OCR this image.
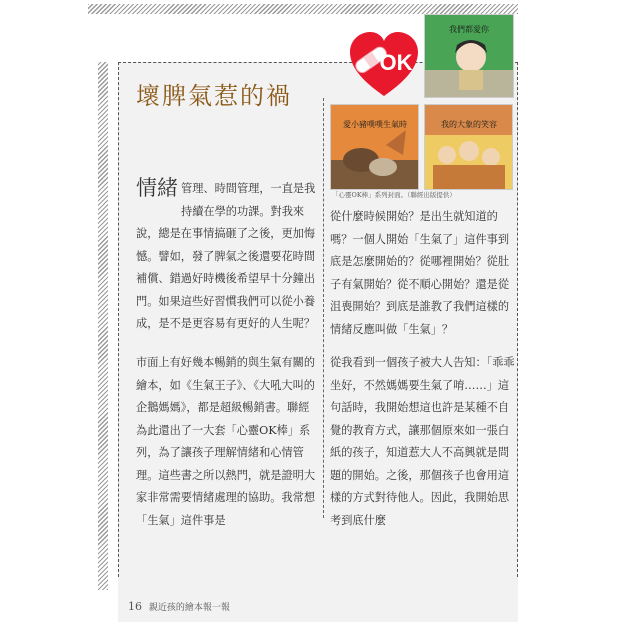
壞脾氣惹的禍
我們都愛你
OK
愛小豬噗噗生氣時	我的大象的笑容
「心靈OK棒」系列封面。（聯經出版提供）
情緒 管理、時間管理，一直是我持續在學的功課。對我來說，總是在事情搞砸了之後，更加悔憾。譬如，發了脾氣之後還要花時間補償、錯過好時機後希望早十分鐘出門。如果這些好習慣我們可以從小養成，是不是更容易有更好的人生呢？
市面上有好幾本暢銷的與生氣有關的繪本，如《生氣王子》、《大吼大叫的企鵝媽媽》，都是超級暢銷書。聯經為此還出了一大套「心靈OK棒」系列，為了讓孩子理解情緒和心情管理。這些書之所以熱門，就是證明大家非常需要情緒處理的協助。我常想「生氣」這件事是
從什麼時候開始？是出生就知道的嗎？一個人開始「生氣了」這件事到底是怎麼開始的？從哪裡開始？從肚子有氣開始？從不順心開始？還是從沮喪開始？到底是誰教了我們這樣的情緒反應叫做「生氣」？
從我看到一個孩子被大人告知：「乖乖坐好，不然媽媽要生氣了唷……」這句話時，我開始想這也許是某種不自覺的教育方式，讓那個原來如一張白紙的孩子，知道惹大人不高興就是問題的開始。之後，那個孩子也會用這樣的方式對待他人。因此，我開始思考到底什麼
16 親近孩的繪本報一報
